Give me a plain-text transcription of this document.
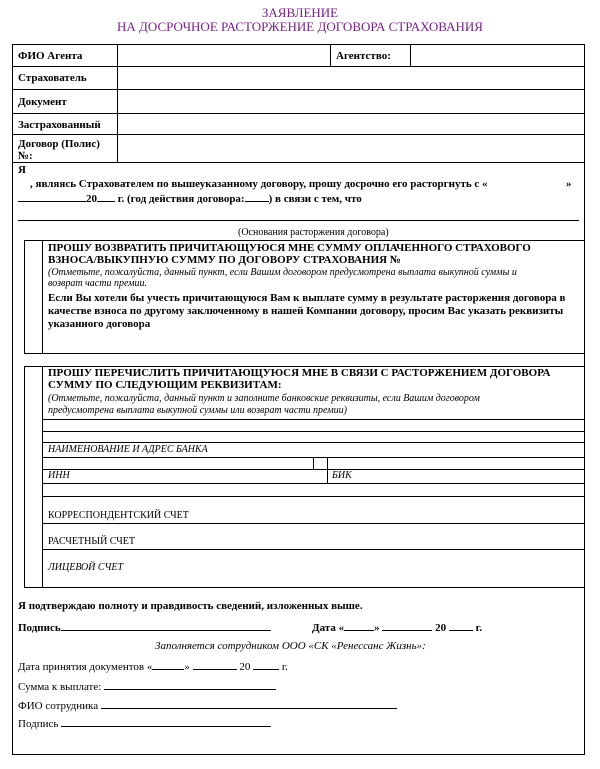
ЗАЯВЛЕНИЕ
НА ДОСРОЧНОЕ РАСТОРЖЕНИЕ ДОГОВОРА СТРАХОВАНИЯ
ФИО Агента	Агентство:
Страхователь
Документ
Застрахованный
Договор (Полис)
№:
Я
, являясь Страхователем по вышеуказанному договору, прошу досрочно его расторгнуть с «	»
20 г. (год действия договора: ) в связи с тем, что
(Основания расторжения договора)
ПРОШУ ВОЗВРАТИТЬ ПРИЧИТАЮЩУЮСЯ МНЕ СУММУ ОПЛАЧЕННОГО СТРАХОВОГО
ВЗНОСА/ВЫКУПНУЮ СУММУ ПО ДОГОВОРУ СТРАХОВАНИЯ №
(Отметьте, пожалуйста, данный пункт, если Вашим договором предусмотрена выплата выкупной суммы и
возврат части премии.
Если Вы хотели бы учесть причитающуюся Вам к выплате сумму в результате расторжения договора в
качестве взноса по другому заключенному в нашей Компании договору, просим Вас указать реквизиты
указанного договора
ПРОШУ ПЕРЕЧИСЛИТЬ ПРИЧИТАЮЩУЮСЯ МНЕ В СВЯЗИ С РАСТОРЖЕНИЕМ ДОГОВОРА
СУММУ ПО СЛЕДУЮЩИМ РЕКВИЗИТАМ:
(Отметьте, пожалуйста, данный пункт и заполните банковские реквизиты, если Вашим договором
предусмотрена выплата выкупной суммы или возврат части премии)
НАИМЕНОВАНИЕ И АДРЕС БАНКА
ИНН	БИК
КОРРЕСПОНДЕНТСКИЙ СЧЕТ
РАСЧЕТНЫЙ СЧЕТ
ЛИЦЕВОЙ СЧЕТ
Я подтверждаю полноту и правдивость сведений, изложенных выше.
Подпись	Дата «	»	20	г.
Заполняется сотрудником ООО «СК «Ренессанс Жизнь»:
Дата принятия документов «	»	20	г.
Сумма к выплате:
ФИО сотрудника
Подпись
